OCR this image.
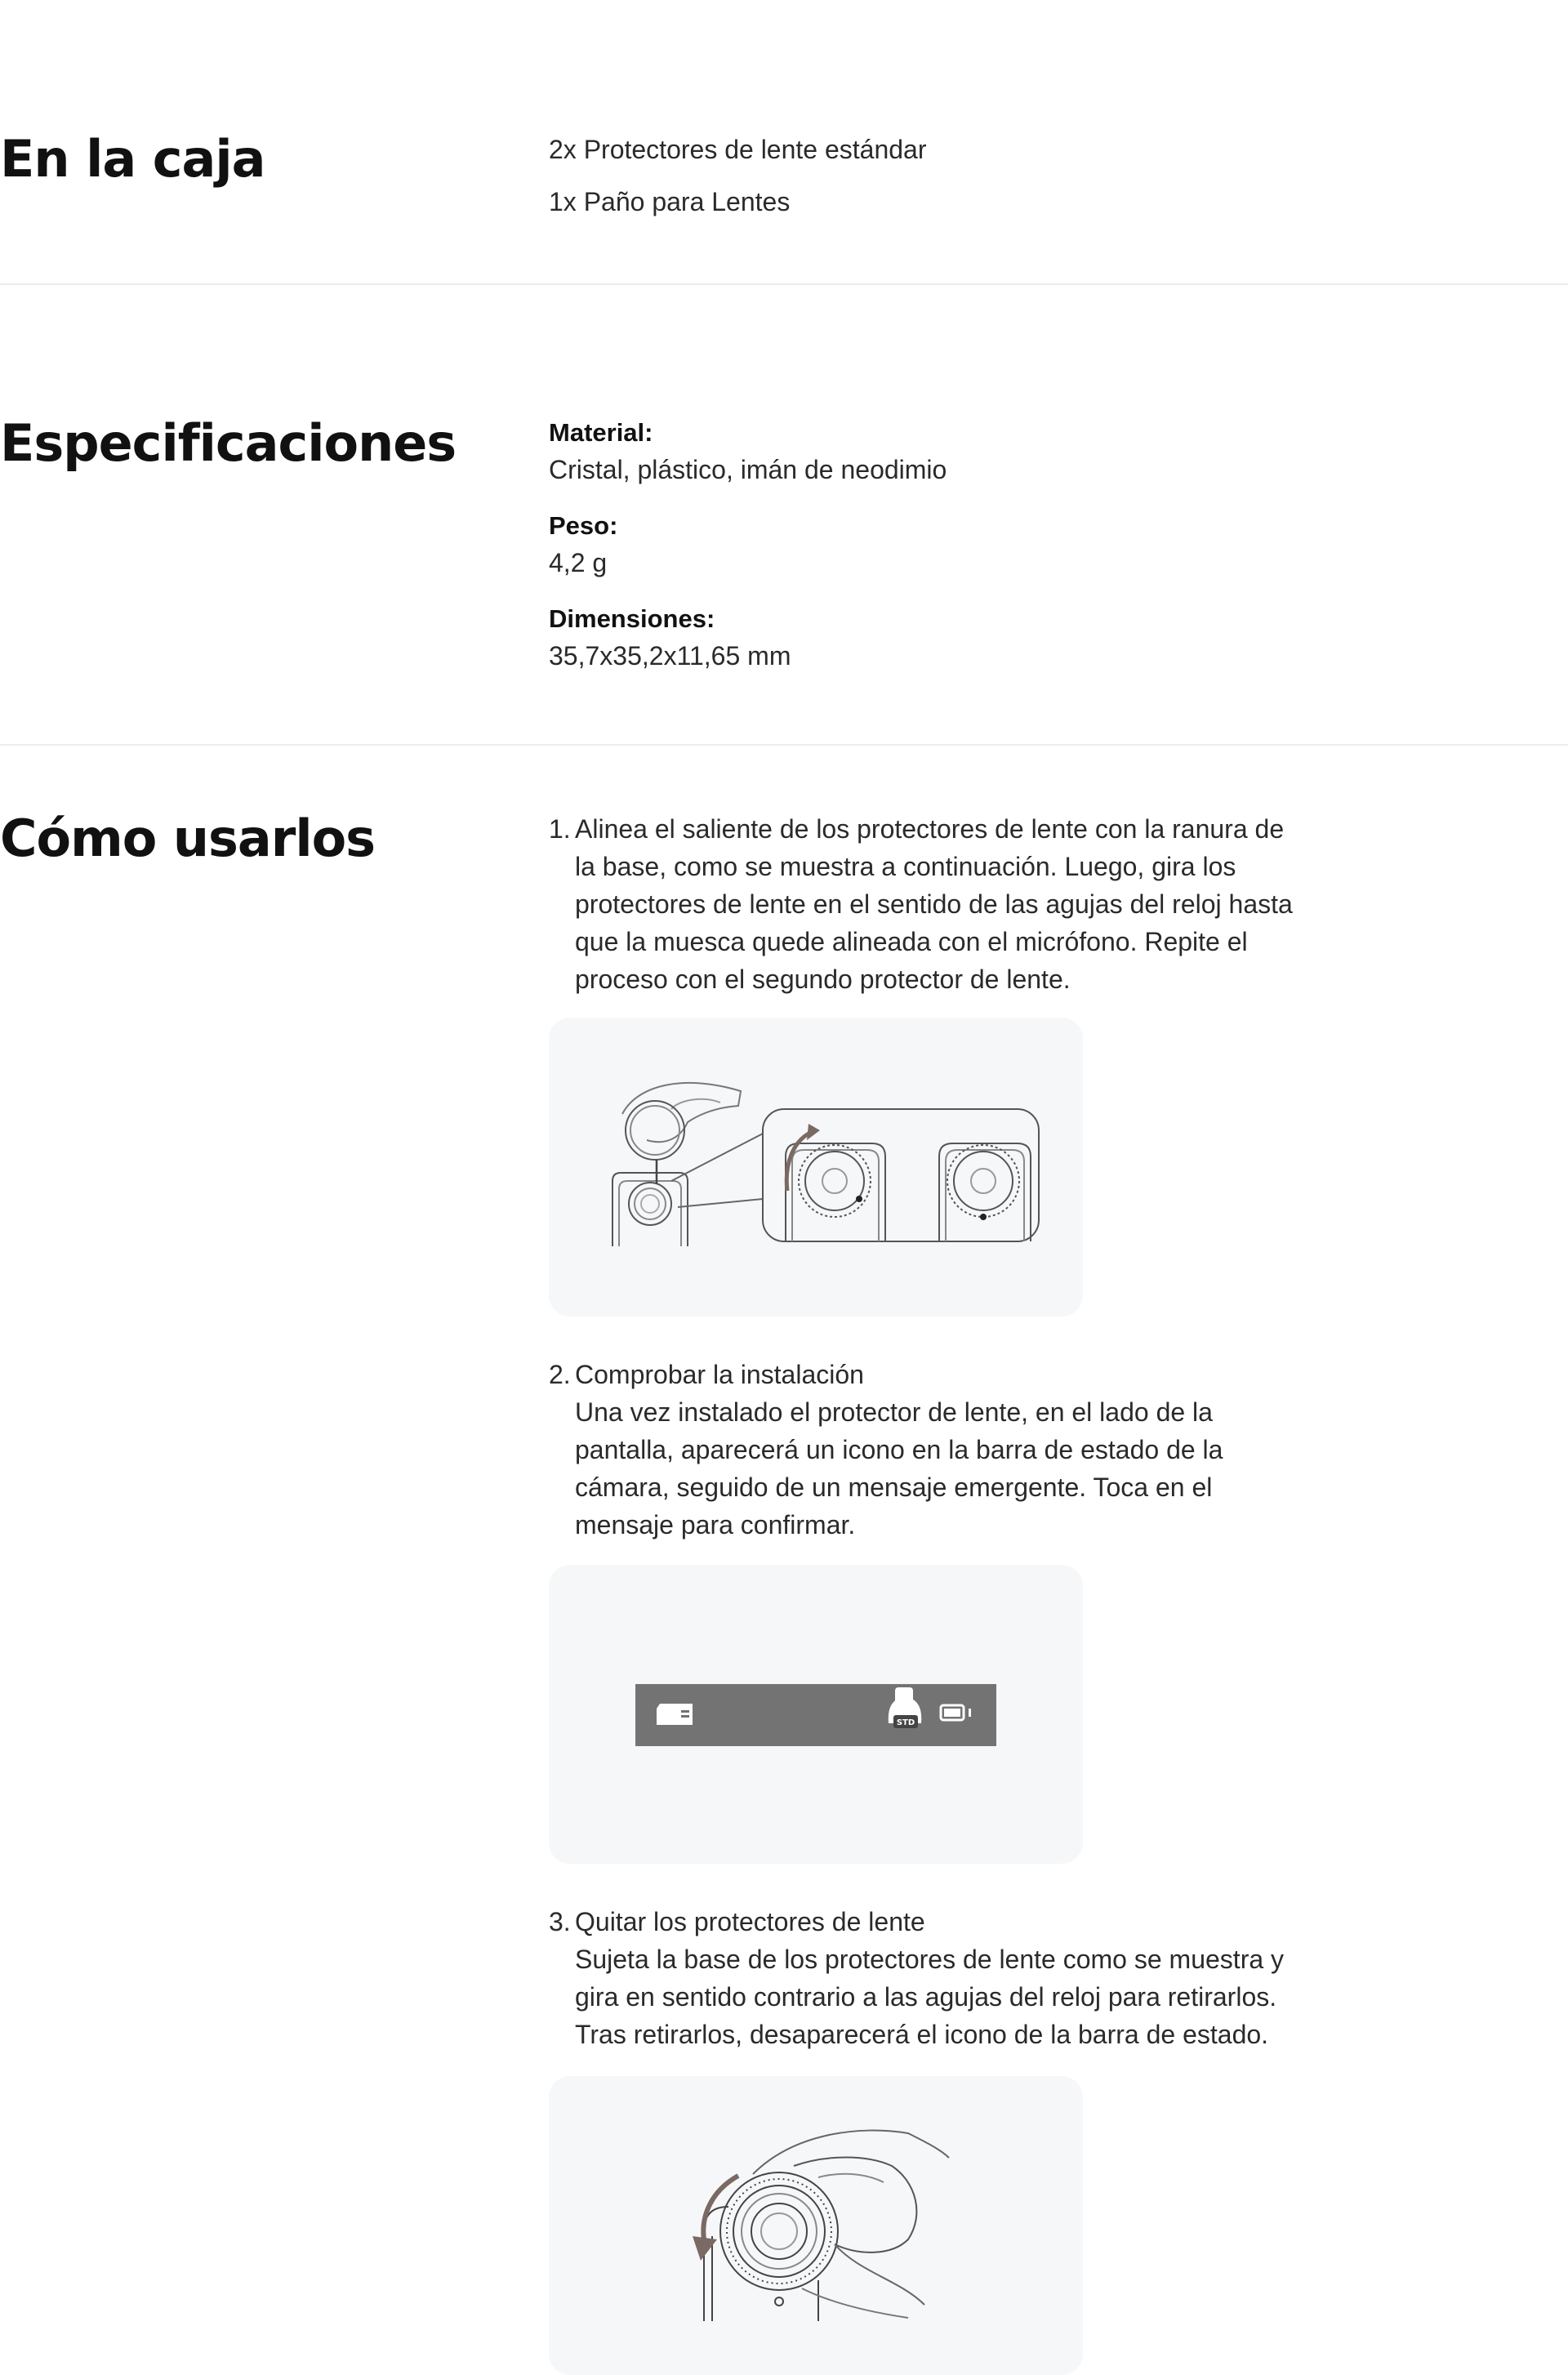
En la caja	2x Protectores de lente estándar

1x Paño para Lentes

Especificaciones	Material:

Cristal, plástico, imán de neodimio

Peso:

4,2 g

Dimensiones:

35,7x35,2x11,65 mm

Cómo usarlos	1. Alinea el saliente de los protectores de lente con la ranura de la base, como se muestra a continuación. Luego, gira los protectores de lente en el sentido de las agujas del reloj hasta que la muesca quede alineada con el micrófono. Repite el proceso con el segundo protector de lente.
2. Comprobar la instalación
Una vez instalado el protector de lente, en el lado de la pantalla, aparecerá un icono en la barra de estado de la cámara, seguido de un mensaje emergente. Toca en el mensaje para confirmar.
STD
3. Quitar los protectores de lente
Sujeta la base de los protectores de lente como se muestra y gira en sentido contrario a las agujas del reloj para retirarlos. Tras retirarlos, desaparecerá el icono de la barra de estado.
